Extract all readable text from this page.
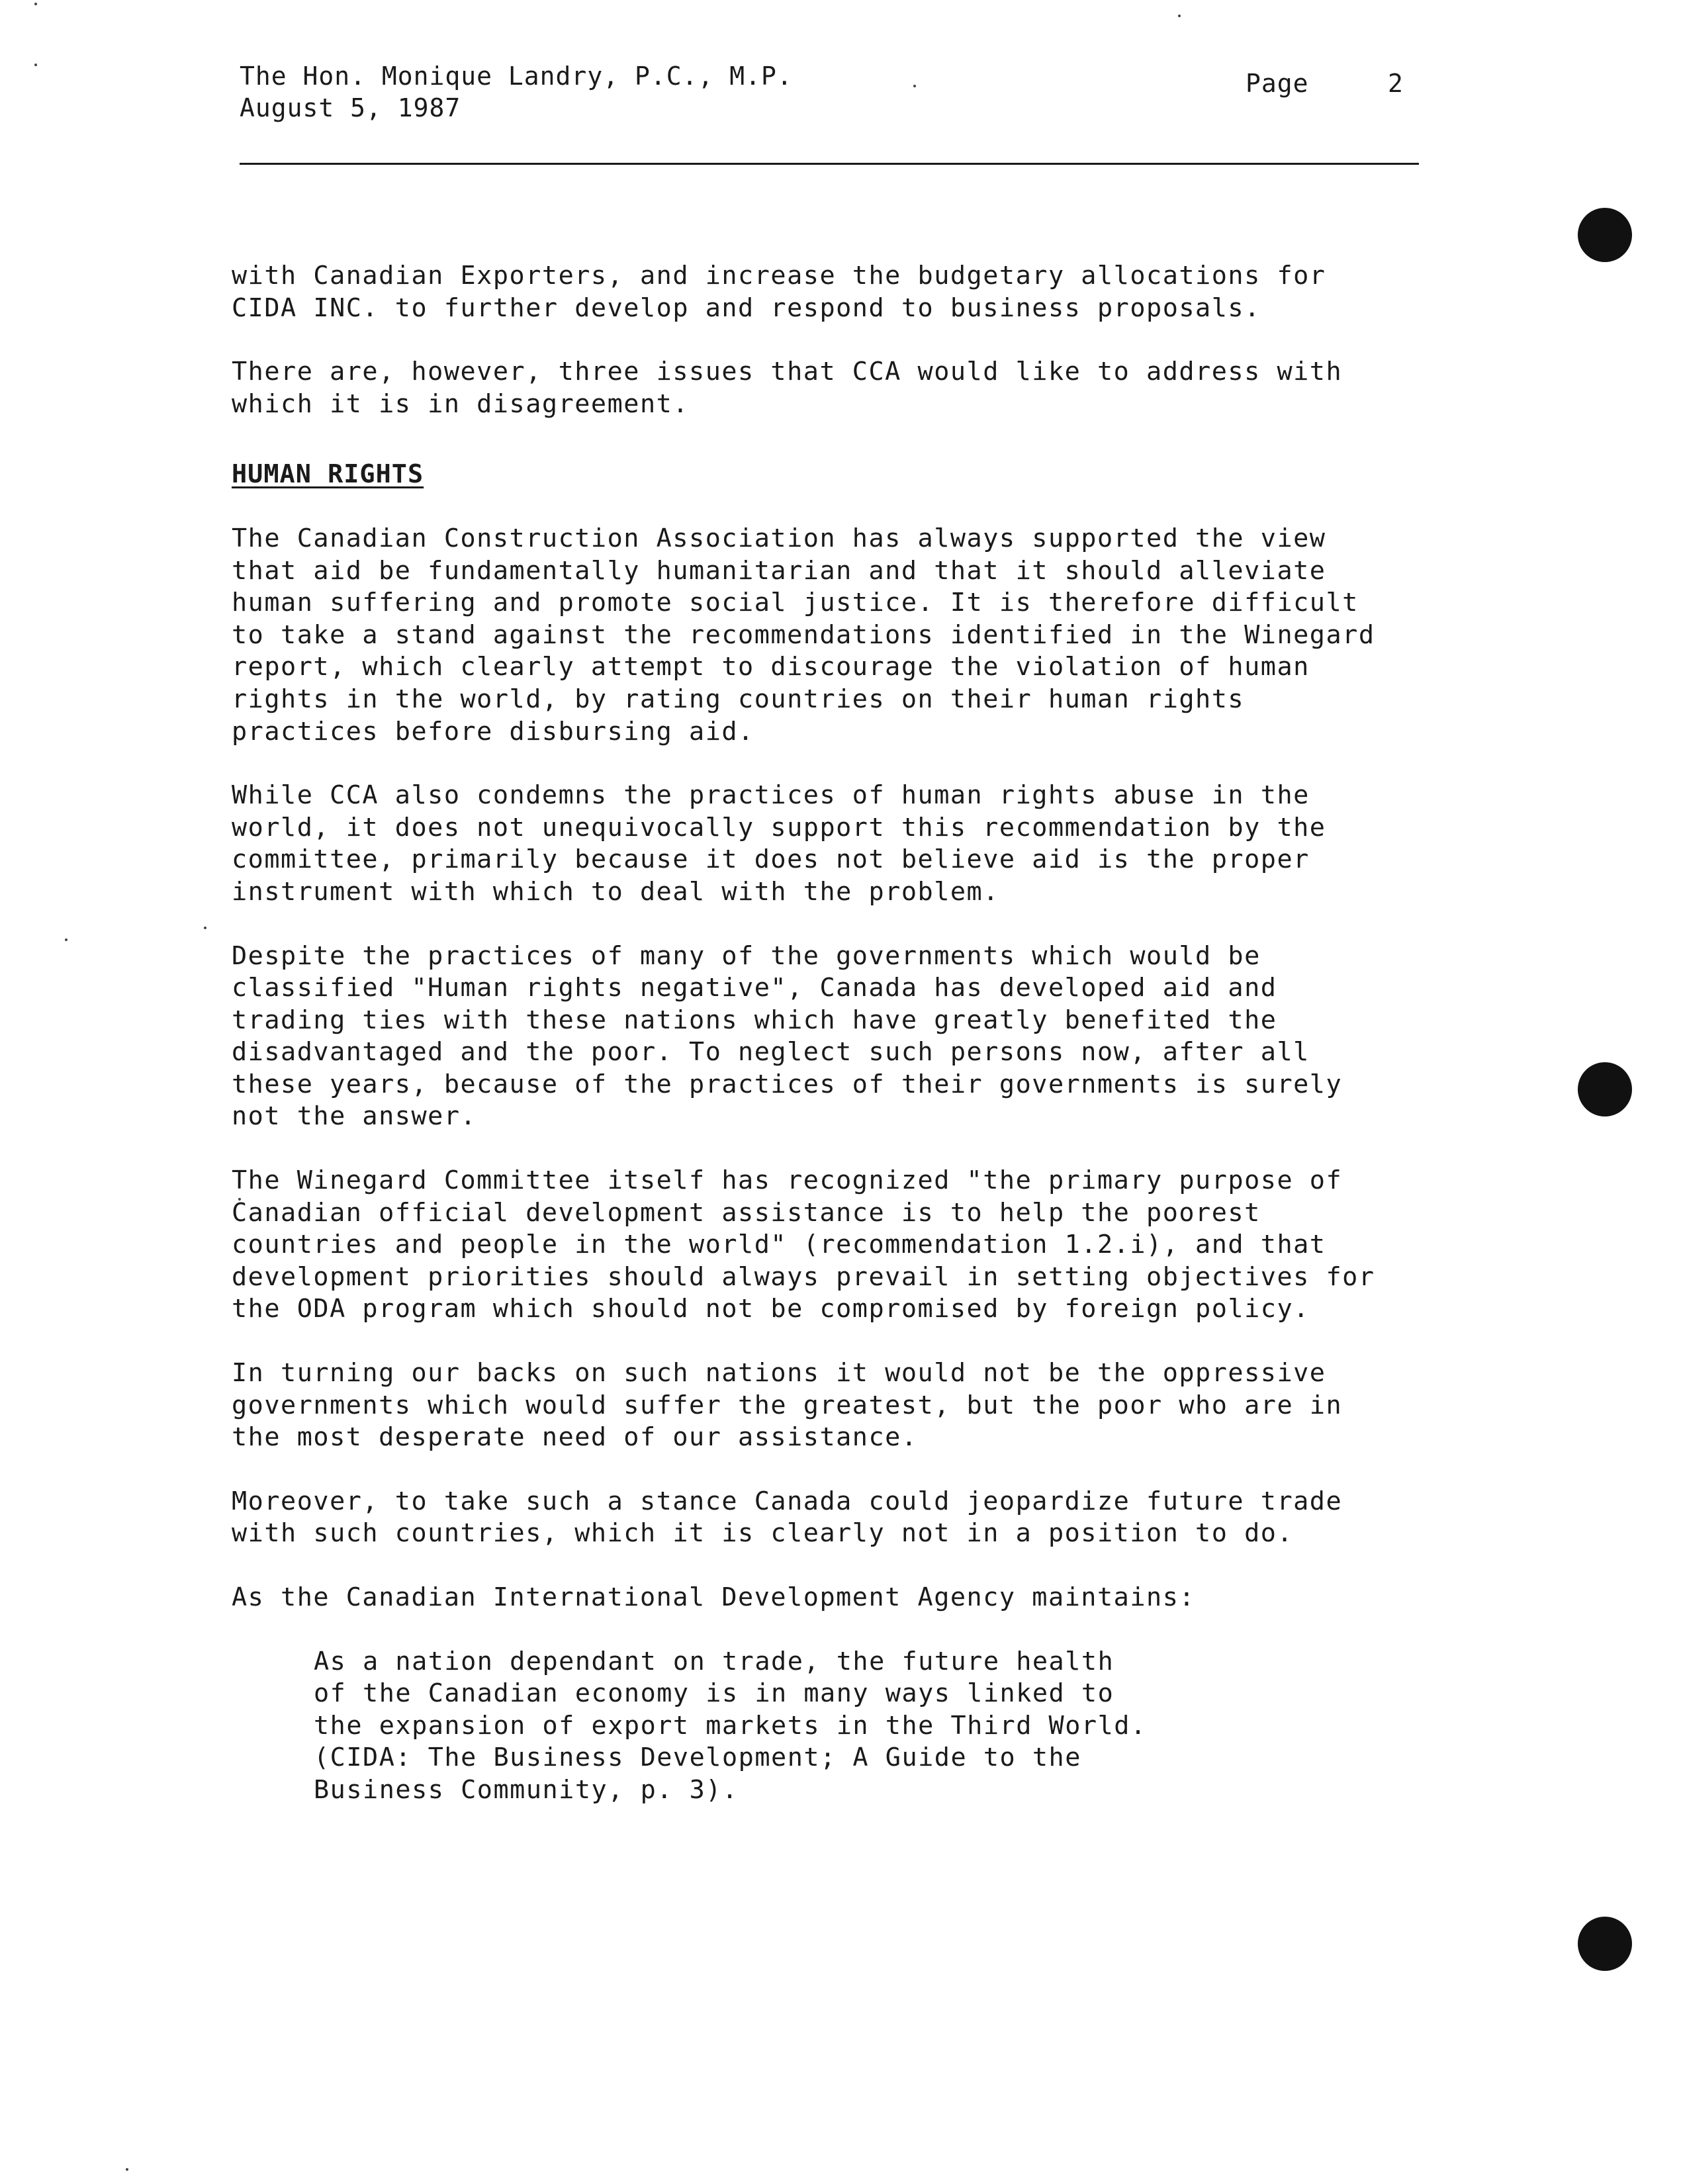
The Hon. Monique Landry, P.C., M.P.
August 5, 1987
Page	2

with Canadian Exporters, and increase the budgetary allocations for
CIDA INC. to further develop and respond to business proposals.

There are, however, three issues that CCA would like to address with
which it is in disagreement.

HUMAN RIGHTS

The Canadian Construction Association has always supported the view
that aid be fundamentally humanitarian and that it should alleviate
human suffering and promote social justice. It is therefore difficult
to take a stand against the recommendations identified in the Winegard
report, which clearly attempt to discourage the violation of human
rights in the world, by rating countries on their human rights
practices before disbursing aid.

While CCA also condemns the practices of human rights abuse in the
world, it does not unequivocally support this recommendation by the
committee, primarily because it does not believe aid is the proper
instrument with which to deal with the problem.

Despite the practices of many of the governments which would be
classified "Human rights negative", Canada has developed aid and
trading ties with these nations which have greatly benefited the
disadvantaged and the poor. To neglect such persons now, after all
these years, because of the practices of their governments is surely
not the answer.

The Winegard Committee itself has recognized "the primary purpose of
Canadian official development assistance is to help the poorest
countries and people in the world" (recommendation 1.2.i), and that
development priorities should always prevail in setting objectives for
the ODA program which should not be compromised by foreign policy.

In turning our backs on such nations it would not be the oppressive
governments which would suffer the greatest, but the poor who are in
the most desperate need of our assistance.

Moreover, to take such a stance Canada could jeopardize future trade
with such countries, which it is clearly not in a position to do.

As the Canadian International Development Agency maintains:

As a nation dependant on trade, the future health
of the Canadian economy is in many ways linked to
the expansion of export markets in the Third World.
(CIDA: The Business Development; A Guide to the
Business Community, p. 3).
